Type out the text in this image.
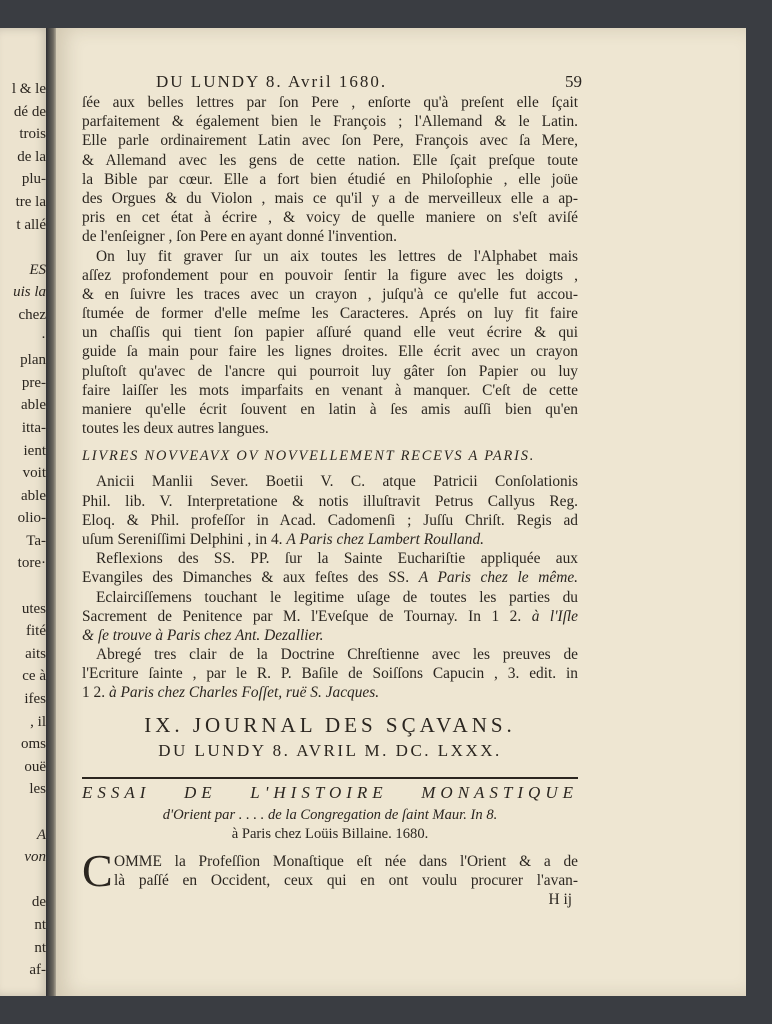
l & le
dé de
trois
de la
plu-
tre la
t allé
ES
uis la
chez
·
plan
pre-
able
itta-
ient
voit
able
olio-
Ta-
tore·
utes
fité
aits
ce à
ifes
, il
oms
ouë
les
A
von
de
nt
nt
af-
DU LUNDY 8. Avril 1680.	59
ſée aux belles lettres par ſon Pere , enſorte qu'à preſent elle ſçait
parfaitement & également bien le François ; l'Allemand & le Latin.
Elle parle ordinairement Latin avec ſon Pere, François avec ſa Mere,
& Allemand avec les gens de cette nation. Elle ſçait preſque toute
la Bible par cœur. Elle a fort bien étudié en Philoſophie , elle joüe
des Orgues & du Violon , mais ce qu'il y a de merveilleux elle a ap-
pris en cet état à écrire , & voicy de quelle maniere on s'eſt aviſé
de l'enſeigner , ſon Pere en ayant donné l'invention.
On luy fit graver ſur un aix toutes les lettres de l'Alphabet mais
aſſez profondement pour en pouvoir ſentir la figure avec les doigts ,
& en ſuivre les traces avec un crayon , juſqu'à ce qu'elle fut accou-
ſtumée de former d'elle meſme les Caracteres. Aprés on luy fit faire
un chaſſis qui tient ſon papier aſſuré quand elle veut écrire & qui
guide ſa main pour faire les lignes droites. Elle écrit avec un crayon
pluſtoſt qu'avec de l'ancre qui pourroit luy gâter ſon Papier ou luy
faire laiſſer les mots imparfaits en venant à manquer. C'eſt de cette
maniere qu'elle écrit ſouvent en latin à ſes amis auſſi bien qu'en
toutes les deux autres langues.
LIVRES NOVVEAVX OV NOVVELLEMENT RECEVS A PARIS.
Anicii Manlii Sever. Boetii V. C. atque Patricii Conſolationis
Phil. lib. V. Interpretatione & notis illuſtravit Petrus Callyus Reg.
Eloq. & Phil. profeſſor in Acad. Cadomenſi ; Juſſu Chriſt. Regis ad
uſum Sereniſſimi Delphini , in 4. A Paris chez Lambert Roulland.
Reflexions des SS. PP. ſur la Sainte Euchariſtie appliquée aux
Evangiles des Dimanches & aux feſtes des SS. A Paris chez le même.
Eclairciſſemens touchant le legitime uſage de toutes les parties du
Sacrement de Penitence par M. l'Eveſque de Tournay. In 1 2. à l'Iſle
& ſe trouve à Paris chez Ant. Dezallier.
Abregé tres clair de la Doctrine Chreſtienne avec les preuves de
l'Ecriture ſainte , par le R. P. Baſile de Soiſſons Capucin , 3. edit. in
1 2. à Paris chez Charles Foſſet, ruë S. Jacques.
IX. JOURNAL DES SÇAVANS.
DU LUNDY 8. AVRIL M. DC. LXXX.
ESSAI DE L'HISTOIRE MONASTIQUE
d'Orient par . . . . de la Congregation de ſaint Maur. In 8.
à Paris chez Loüis Billaine. 1680.
C OMME la Profeſſion Monaſtique eſt née dans l'Orient & a de
là paſſé en Occident, ceux qui en ont voulu procurer l'avan-
H ij
